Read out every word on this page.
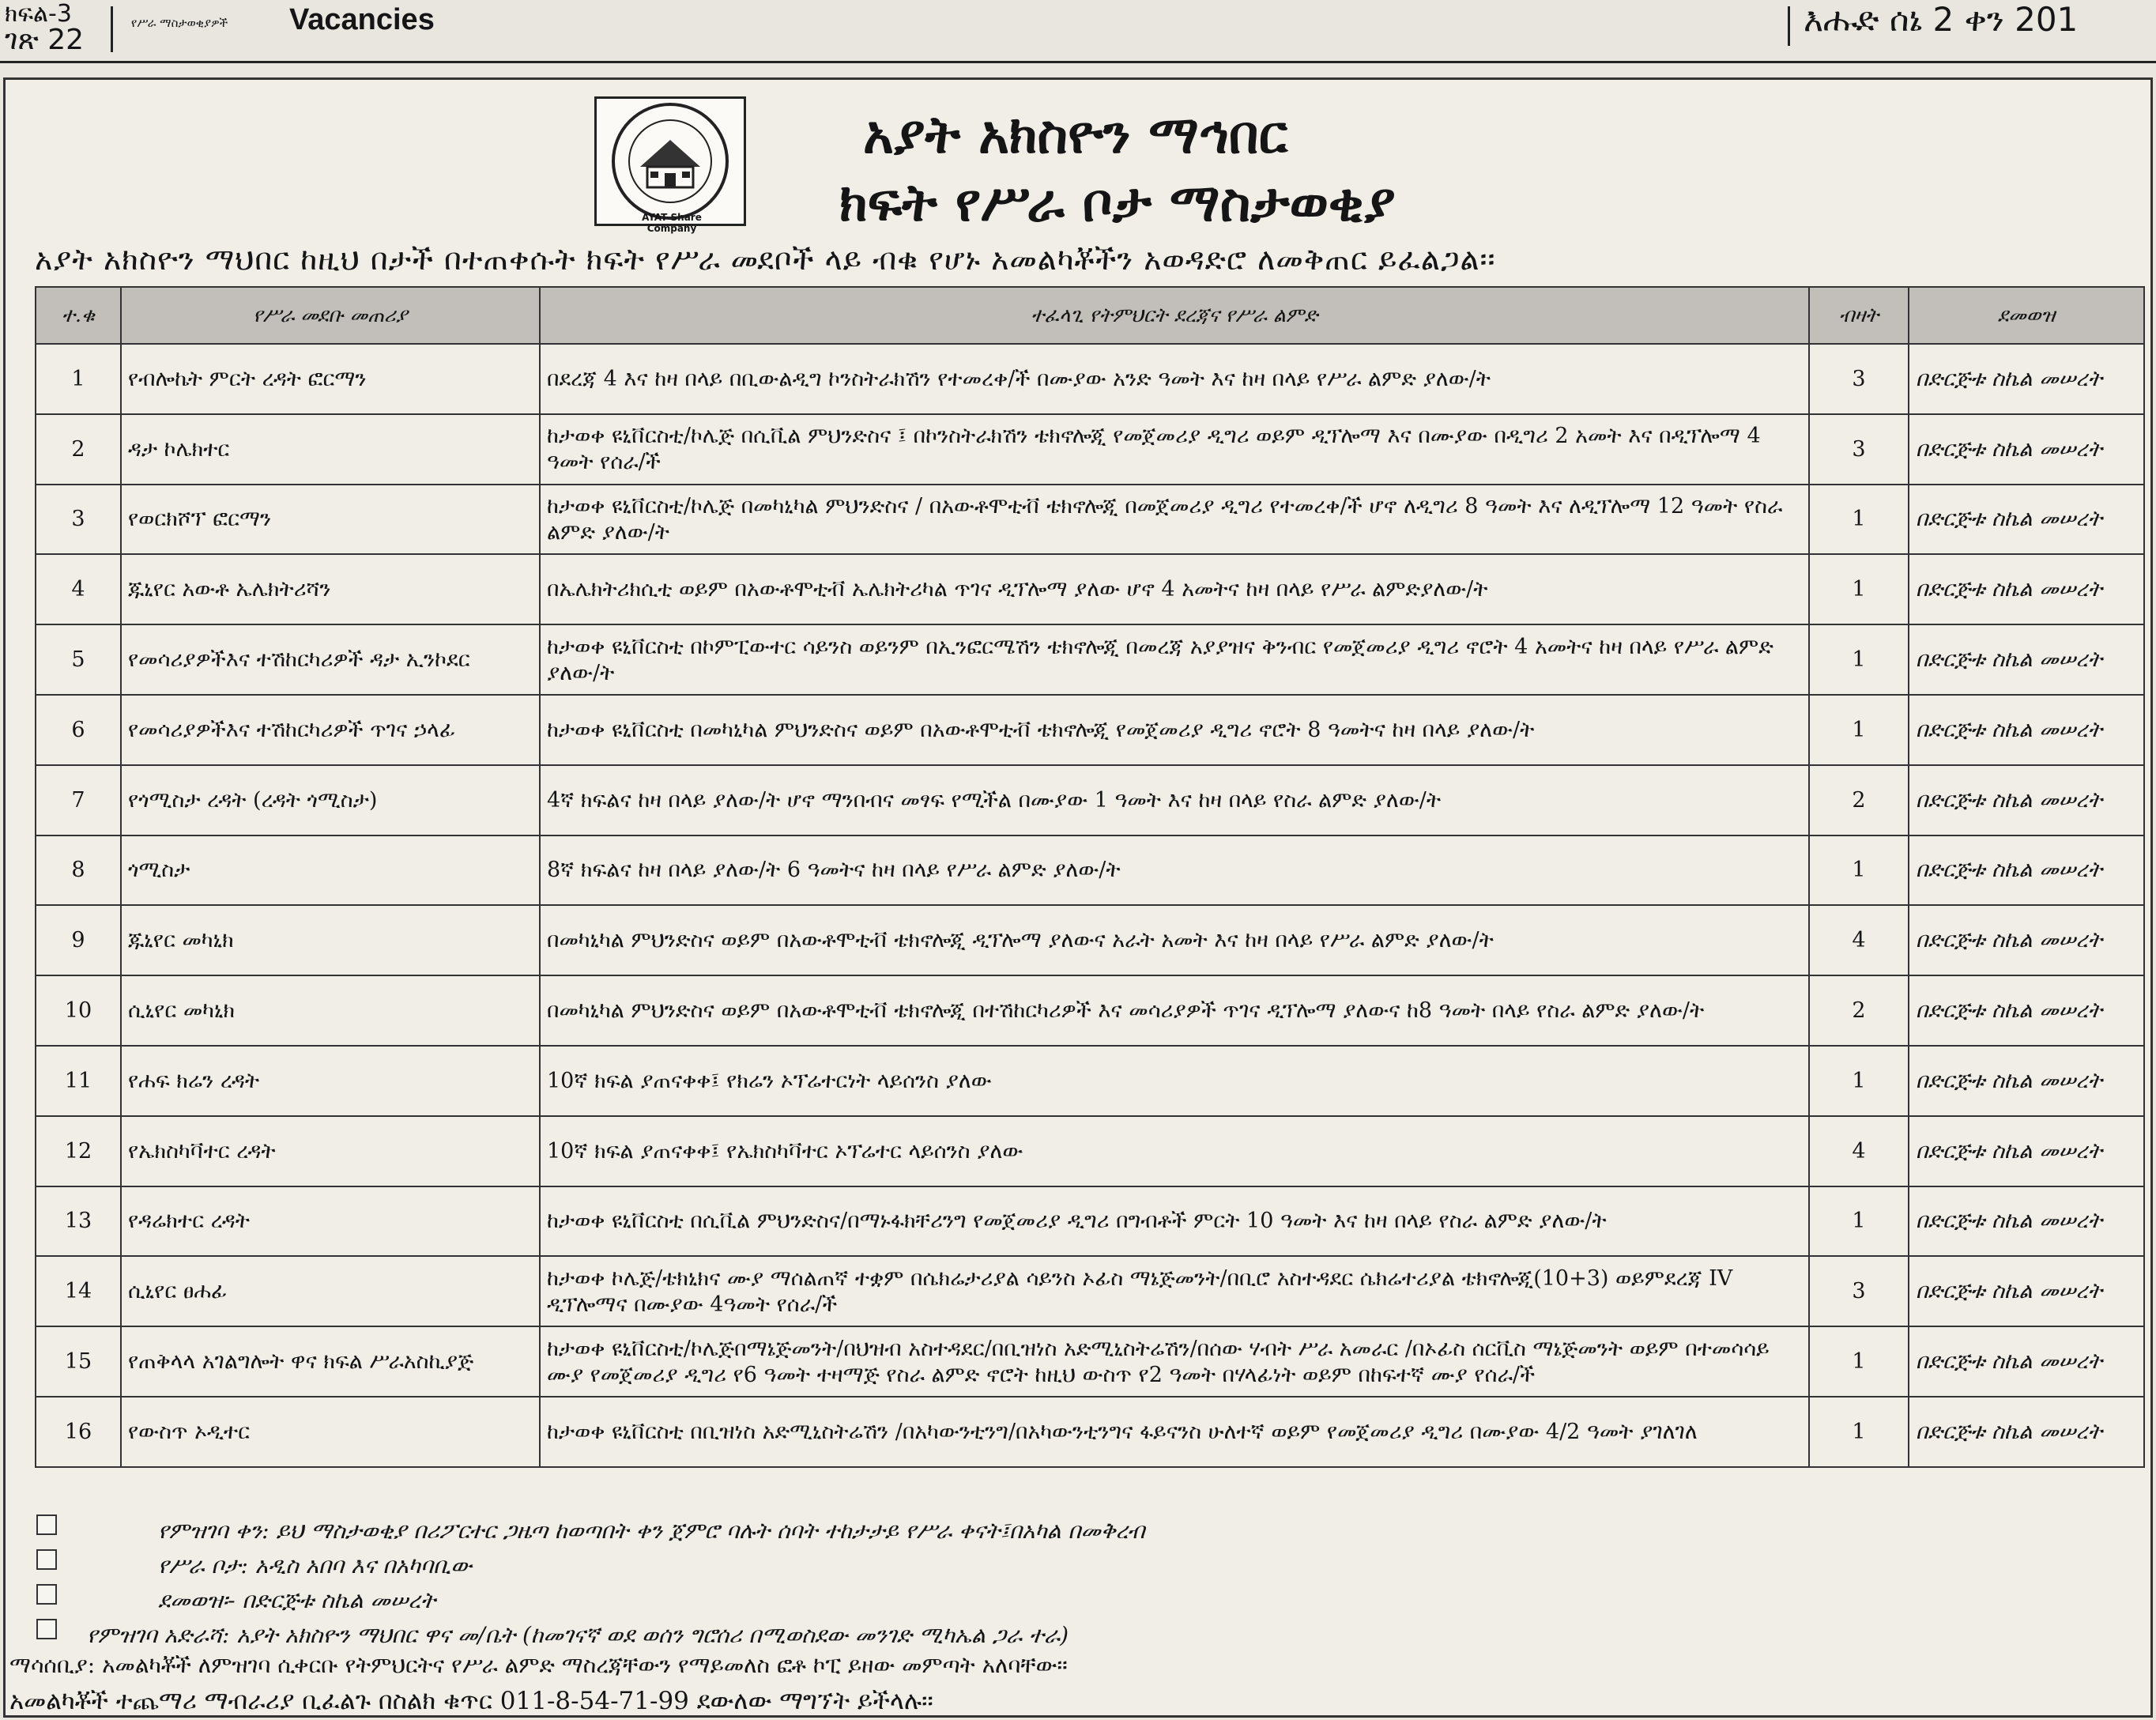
ክፍል-3
ገጽ 22
የሥራ ማስታወቂያዎች Vacancies	እሑድ ሰኔ 2 ቀን 201
AYAT Share Company
አያት አክስዮን ማኅበር
ክፍት የሥራ ቦታ ማስታወቂያ
አያት አክስዮን ማህበር ከዚህ በታች በተጠቀሱት ክፍት የሥራ መደቦች ላይ ብቁ የሆኑ አመልካቾችን አወዳድሮ ለመቅጠር ይፈልጋል፡፡
ተ.ቁ	የሥራ መደቡ መጠሪያ	ተፈላጊ የትምህርት ደረጃና የሥራ ልምድ	ብዛት	ደመወዝ
1	የብሎኬት ምርት ረዳት ፎርማን	በደረጃ 4 እና ከዛ በላይ በቢውልዲግ ኮንስትራክሽን የተመረቀ/ች በሙያው አንድ ዓመት እና ከዛ በላይ የሥራ ልምድ ያለው/ት	3	በድርጅቱ ስኬል መሠረት
2	ዳታ ኮሌክተር	ከታወቀ ዩኒቨርስቲ/ኮሌጅ በሲቪል ምህንድስና ፤ በኮንስትራክሽን ቴክኖሎጂ የመጀመሪያ ዲግሪ ወይም ዲፕሎማ እና በሙያው በዲግሪ 2 አመት እና በዲፕሎማ 4 ዓመት የሰራ/ች	3	በድርጅቱ ስኬል መሠረት
3	የወርክሾፕ ፎርማን	ከታወቀ ዩኒቨርስቲ/ኮሌጅ በመካኒካል ምህንድስና / በአውቶሞቲቭ ቴክኖሎጂ በመጀመሪያ ዲግሪ የተመረቀ/ች ሆኖ ለዲግሪ 8 ዓመት እና ለዲፕሎማ 12 ዓመት የስራ ልምድ ያለው/ት	1	በድርጅቱ ስኬል መሠረት
4	ጁኒየር አውቶ ኤሌክትሪሻን	በኤሌክትሪክሲቲ ወይም በአውቶሞቲቭ ኤሌክትሪካል ጥገና ዲፕሎማ ያለው ሆኖ 4 አመትና ከዛ በላይ የሥራ ልምድያለው/ት	1	በድርጅቱ ስኬል መሠረት
5	የመሳሪያዎችእና ተሽከርካሪዎች ዳታ ኢንኮደር	ከታወቀ ዩኒቨርስቲ በኮምፒውተር ሳይንስ ወይንም በኢንፎርሜሽን ቴክኖሎጂ በመረጃ አያያዝና ቅንብር የመጀመሪያ ዲግሪ ኖሮት 4 አመትና ከዛ በላይ የሥራ ልምድ ያለው/ት	1	በድርጅቱ ስኬል መሠረት
6	የመሳሪያዎችእና ተሽከርካሪዎች ጥገና ኃላፊ	ከታወቀ ዩኒቨርስቲ በመካኒካል ምህንድስና ወይም በአውቶሞቲቭ ቴክኖሎጂ የመጀመሪያ ዲግሪ ኖሮት 8 ዓመትና ከዛ በላይ ያለው/ት	1	በድርጅቱ ስኬል መሠረት
7	የጎሚስታ ረዳት (ረዳት ጎሚስታ)	4ኛ ክፍልና ከዛ በላይ ያለው/ት ሆኖ ማንበብና መፃፍ የሚችል በሙያው 1 ዓመት እና ከዛ በላይ የስራ ልምድ ያለው/ት	2	በድርጅቱ ስኬል መሠረት
8	ጎሚስታ	8ኛ ክፍልና ከዛ በላይ ያለው/ት 6 ዓመትና ከዛ በላይ የሥራ ልምድ ያለው/ት	1	በድርጅቱ ስኬል መሠረት
9	ጁኒየር መካኒክ	በመካኒካል ምህንድስና ወይም በአውቶሞቲቭ ቴክኖሎጂ ዲፕሎማ ያለውና አራት አመት እና ከዛ በላይ የሥራ ልምድ ያለው/ት	4	በድርጅቱ ስኬል መሠረት
10	ሲኒየር መካኒክ	በመካኒካል ምህንድስና ወይም በአውቶሞቲቭ ቴክኖሎጂ በተሽከርካሪዎች እና መሳሪያዎች ጥገና ዲፕሎማ ያለውና ከ8 ዓመት በላይ የስራ ልምድ ያለው/ት	2	በድርጅቱ ስኬል መሠረት
11	የሐፍ ክሬን ረዳት	10ኛ ክፍል ያጠናቀቀ፤ የክሬን ኦፕሬተርነት ላይሰንስ ያለው	1	በድርጅቱ ስኬል መሠረት
12	የኤክስካቫተር ረዳት	10ኛ ክፍል ያጠናቀቀ፤ የኤክስካቫተር ኦፕሬተር ላይሰንስ ያለው	4	በድርጅቱ ስኬል መሠረት
13	የዳሬክተር ረዳት	ከታወቀ ዩኒቨርስቲ በሲቪል ምህንድስና/በማኑፋክቸሪንግ የመጀመሪያ ዲግሪ በግብቶች ምርት 10 ዓመት እና ከዛ በላይ የስራ ልምድ ያለው/ት	1	በድርጅቱ ስኬል መሠረት
14	ሲኒየር ፀሐፊ	ከታወቀ ኮሌጅ/ቴክኒክና ሙያ ማሰልጠኛ ተቋም በሴክሬታሪያል ሳይንስ ኦፊስ ማኔጅመንት/በቢሮ አስተዳደር ሴክሬተሪያል ቴክኖሎጂ(10+3) ወይምደረጃ IV ዲፕሎማና በሙያው 4ዓመት የሰራ/ች	3	በድርጅቱ ስኬል መሠረት
15	የጠቅላላ አገልግሎት ዋና ክፍል ሥራአስኪያጅ	ከታወቀ ዩኒቨርስቲ/ኮሌጅበማኔጅመንት/በህዝብ አስተዳደር/በቢዝነስ አድሚኒስትሬሽን/በሰው ሃብት ሥራ አመራር /በኦፊስ ሰርቪስ ማኔጅመንት ወይም በተመሳሳይ ሙያ የመጀመሪያ ዲግሪ የ6 ዓመት ተዛማጅ የስራ ልምድ ኖሮት ከዚህ ውስጥ የ2 ዓመት በሃላፊነት ወይም በከፍተኛ ሙያ የሰራ/ች	1	በድርጅቱ ስኬል መሠረት
16	የውስጥ ኦዲተር	ከታወቀ ዩኒቨርስቲ በቢዝነስ አድሚኒስትሬሽን /በአካውንቲንግ/በአካውንቲንግና ፋይናንስ ሁለተኛ ወይም የመጀመሪያ ዲግሪ በሙያው 4/2 ዓመት ያገለገለ	1	በድርጅቱ ስኬል መሠረት
የምዝገባ ቀን: ይህ ማስታወቂያ በሪፖርተር ጋዜጣ ከወጣበት ቀን ጀምሮ ባሉት ሰባት ተከታታይ የሥራ ቀናት፤በአካል በመቅረብ
የሥራ ቦታ: አዲስ አበባ እና በአካባቢው
ደመወዝ፡- በድርጅቱ ስኬል መሠረት
የምዝገባ አድራሻ: አያት አክስዮን ማህበር ዋና መ/ቤት (ከመገናኛ ወደ ወሰን ግሮሰሪ በሚወስደው መንገድ ሚካኤል ጋራ ተራ)
ማሳሰቢያ: አመልካቾች ለምዝገባ ሲቀርቡ የትምህርትና የሥራ ልምድ ማስረጃቸውን የማይመለስ ፎቶ ኮፒ ይዘው መምጣት አለባቸው፡፡
አመልካቾች ተጨማሪ ማብራሪያ ቢፈልጉ በስልክ ቁጥር 011-8-54-71-99 ደውለው ማግኘት ይችላሉ፡፡
